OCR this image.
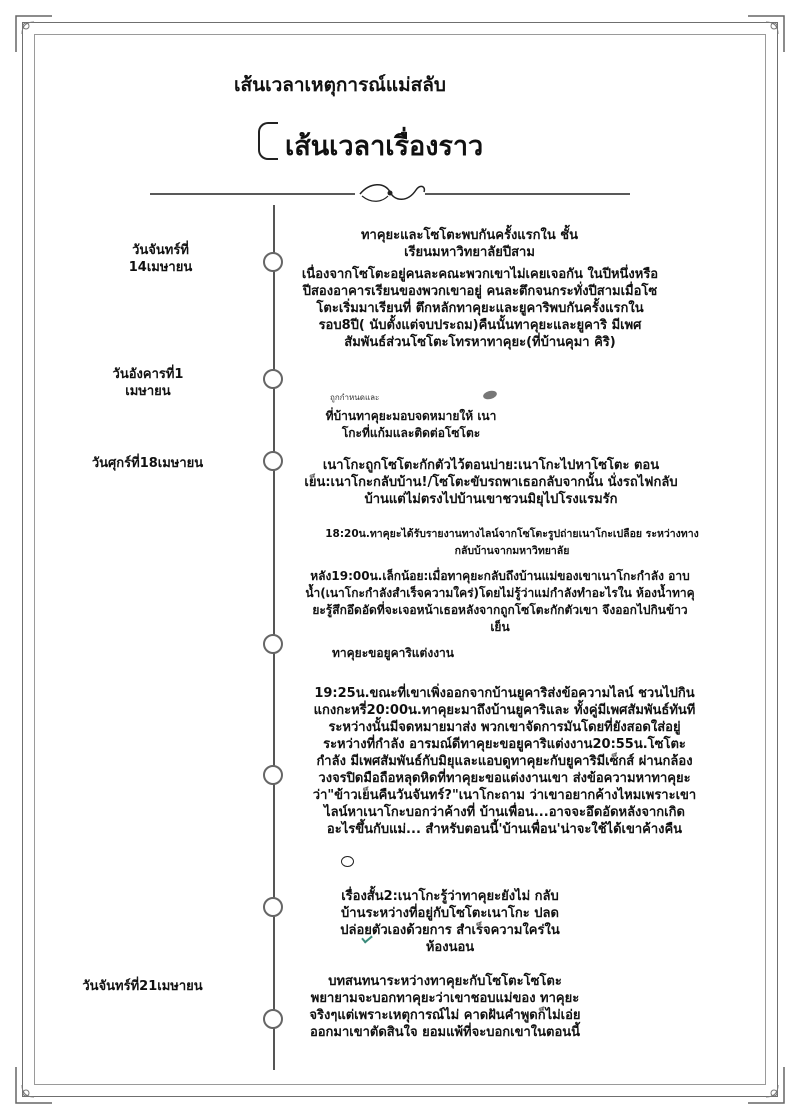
เส้นเวลาเหตุการณ์แม่สลับ
เส้นเวลาเรื่องราว
วันจันทร์ที่ 14เมษายน
วันอังคารที่1 เมษายน
วันศุกร์ที่18เมษายน
วันจันทร์ที่21เมษายน
ทาคุยะและโซโตะพบกันครั้งแรกใน ชั้นเรียนมหาวิทยาลัยปีสาม
เนื่องจากโซโตะอยู่คนละคณะพวกเขาไม่เคยเจอกัน ในปีหนึ่งหรือปีสองอาคารเรียนของพวกเขาอยู่ คนละตึกจนกระทั่งปีสามเมื่อโซโตะเริ่มมาเรียนที่ ตึกหลักทาคุยะและยูคาริพบกันครั้งแรกในรอบ8ปี( นับตั้งแต่จบประถม)คืนนั้นทาคุยะและยูคาริ มีเพศสัมพันธ์ส่วนโซโตะโทรหาทาคุยะ(ที่บ้านคุมา คิริ)
ถูกกำหนดและ
ที่บ้านทาคุยะมอบจดหมายให้ เนาโกะที่แก้มและติดต่อโซโตะ
เนาโกะถูกโซโตะกักตัวไว้ตอนบ่าย:เนาโกะไปหาโซโตะ ตอนเย็น:เนาโกะกลับบ้าน!/โซโตะขับรถพาเธอกลับจากนั้น นั่งรถไฟกลับบ้านแต่ไม่ตรงไปบ้านเขาชวนมิยุไปโรงแรมรัก
18:20น.ทาคุยะได้รับรายงานทางไลน์จากโซโตะรูปถ่ายเนาโกะเปลือย ระหว่างทางกลับบ้านจากมหาวิทยาลัย
หลัง19:00น.เล็กน้อย:เมื่อทาคุยะกลับถึงบ้านแม่ของเขาเนาโกะกำลัง อาบน้ำ(เนาโกะกำลังสำเร็จความใคร่)โดยไม่รู้ว่าแม่กำลังทำอะไรใน ห้องน้ำทาคุยะรู้สึกอึดอัดที่จะเจอหน้าเธอหลังจากถูกโซโตะกักตัวเขา จึงออกไปกินข้าวเย็น
ทาคุยะขอยูคาริแต่งงาน
19:25น.ขณะที่เขาเพิ่งออกจากบ้านยูคาริส่งข้อความไลน์ ชวนไปกินแกงกะหรี่20:00น.ทาคุยะมาถึงบ้านยูคาริและ ทั้งคู่มีเพศสัมพันธ์ทันทีระหว่างนั้นมีจดหมายมาส่ง พวกเขาจัดการมันโดยที่ยังสอดใส่อยู่ระหว่างที่กำลัง อารมณ์ดีทาคุยะขอยูคาริแต่งงาน20:55น.โซโตะกำลัง มีเพศสัมพันธ์กับมิยุและแอบดูทาคุยะกับยูคาริมีเซ็กส์ ผ่านกล้องวงจรปิดมือถือหลุดหิดที่ทาคุยะขอแต่งงานเขา ส่งข้อความหาทาคุยะว่า"ข้าวเย็นคืนวันจันทร์?"เนาโกะถาม ว่าเขาอยากค้างไหมเพราะเขาไลน์หาเนาโกะบอกว่าค้างที่ บ้านเพื่อน...อาจจะอึดอัดหลังจากเกิดอะไรขึ้นกับแม่... สำหรับตอนนี้'บ้านเพื่อน'น่าจะใช้ได้เขาค้างคืน
เรื่องสั้น2:เนาโกะรู้ว่าทาคุยะยังไม่ กลับบ้านระหว่างที่อยู่กับโซโตะเนาโกะ ปลดปล่อยตัวเองด้วยการ สำเร็จความใคร่ในห้องนอน
บทสนทนาระหว่างทาคุยะกับโซโตะโซโตะ พยายามจะบอกทาคุยะว่าเขาชอบแม่ของ ทาคุยะจริงๆแต่เพราะเหตุการณ์ไม่ คาดฝันคำพูดก็ไม่เอ่ยออกมาเขาตัดสินใจ ยอมแพ้ที่จะบอกเขาในตอนนี้
